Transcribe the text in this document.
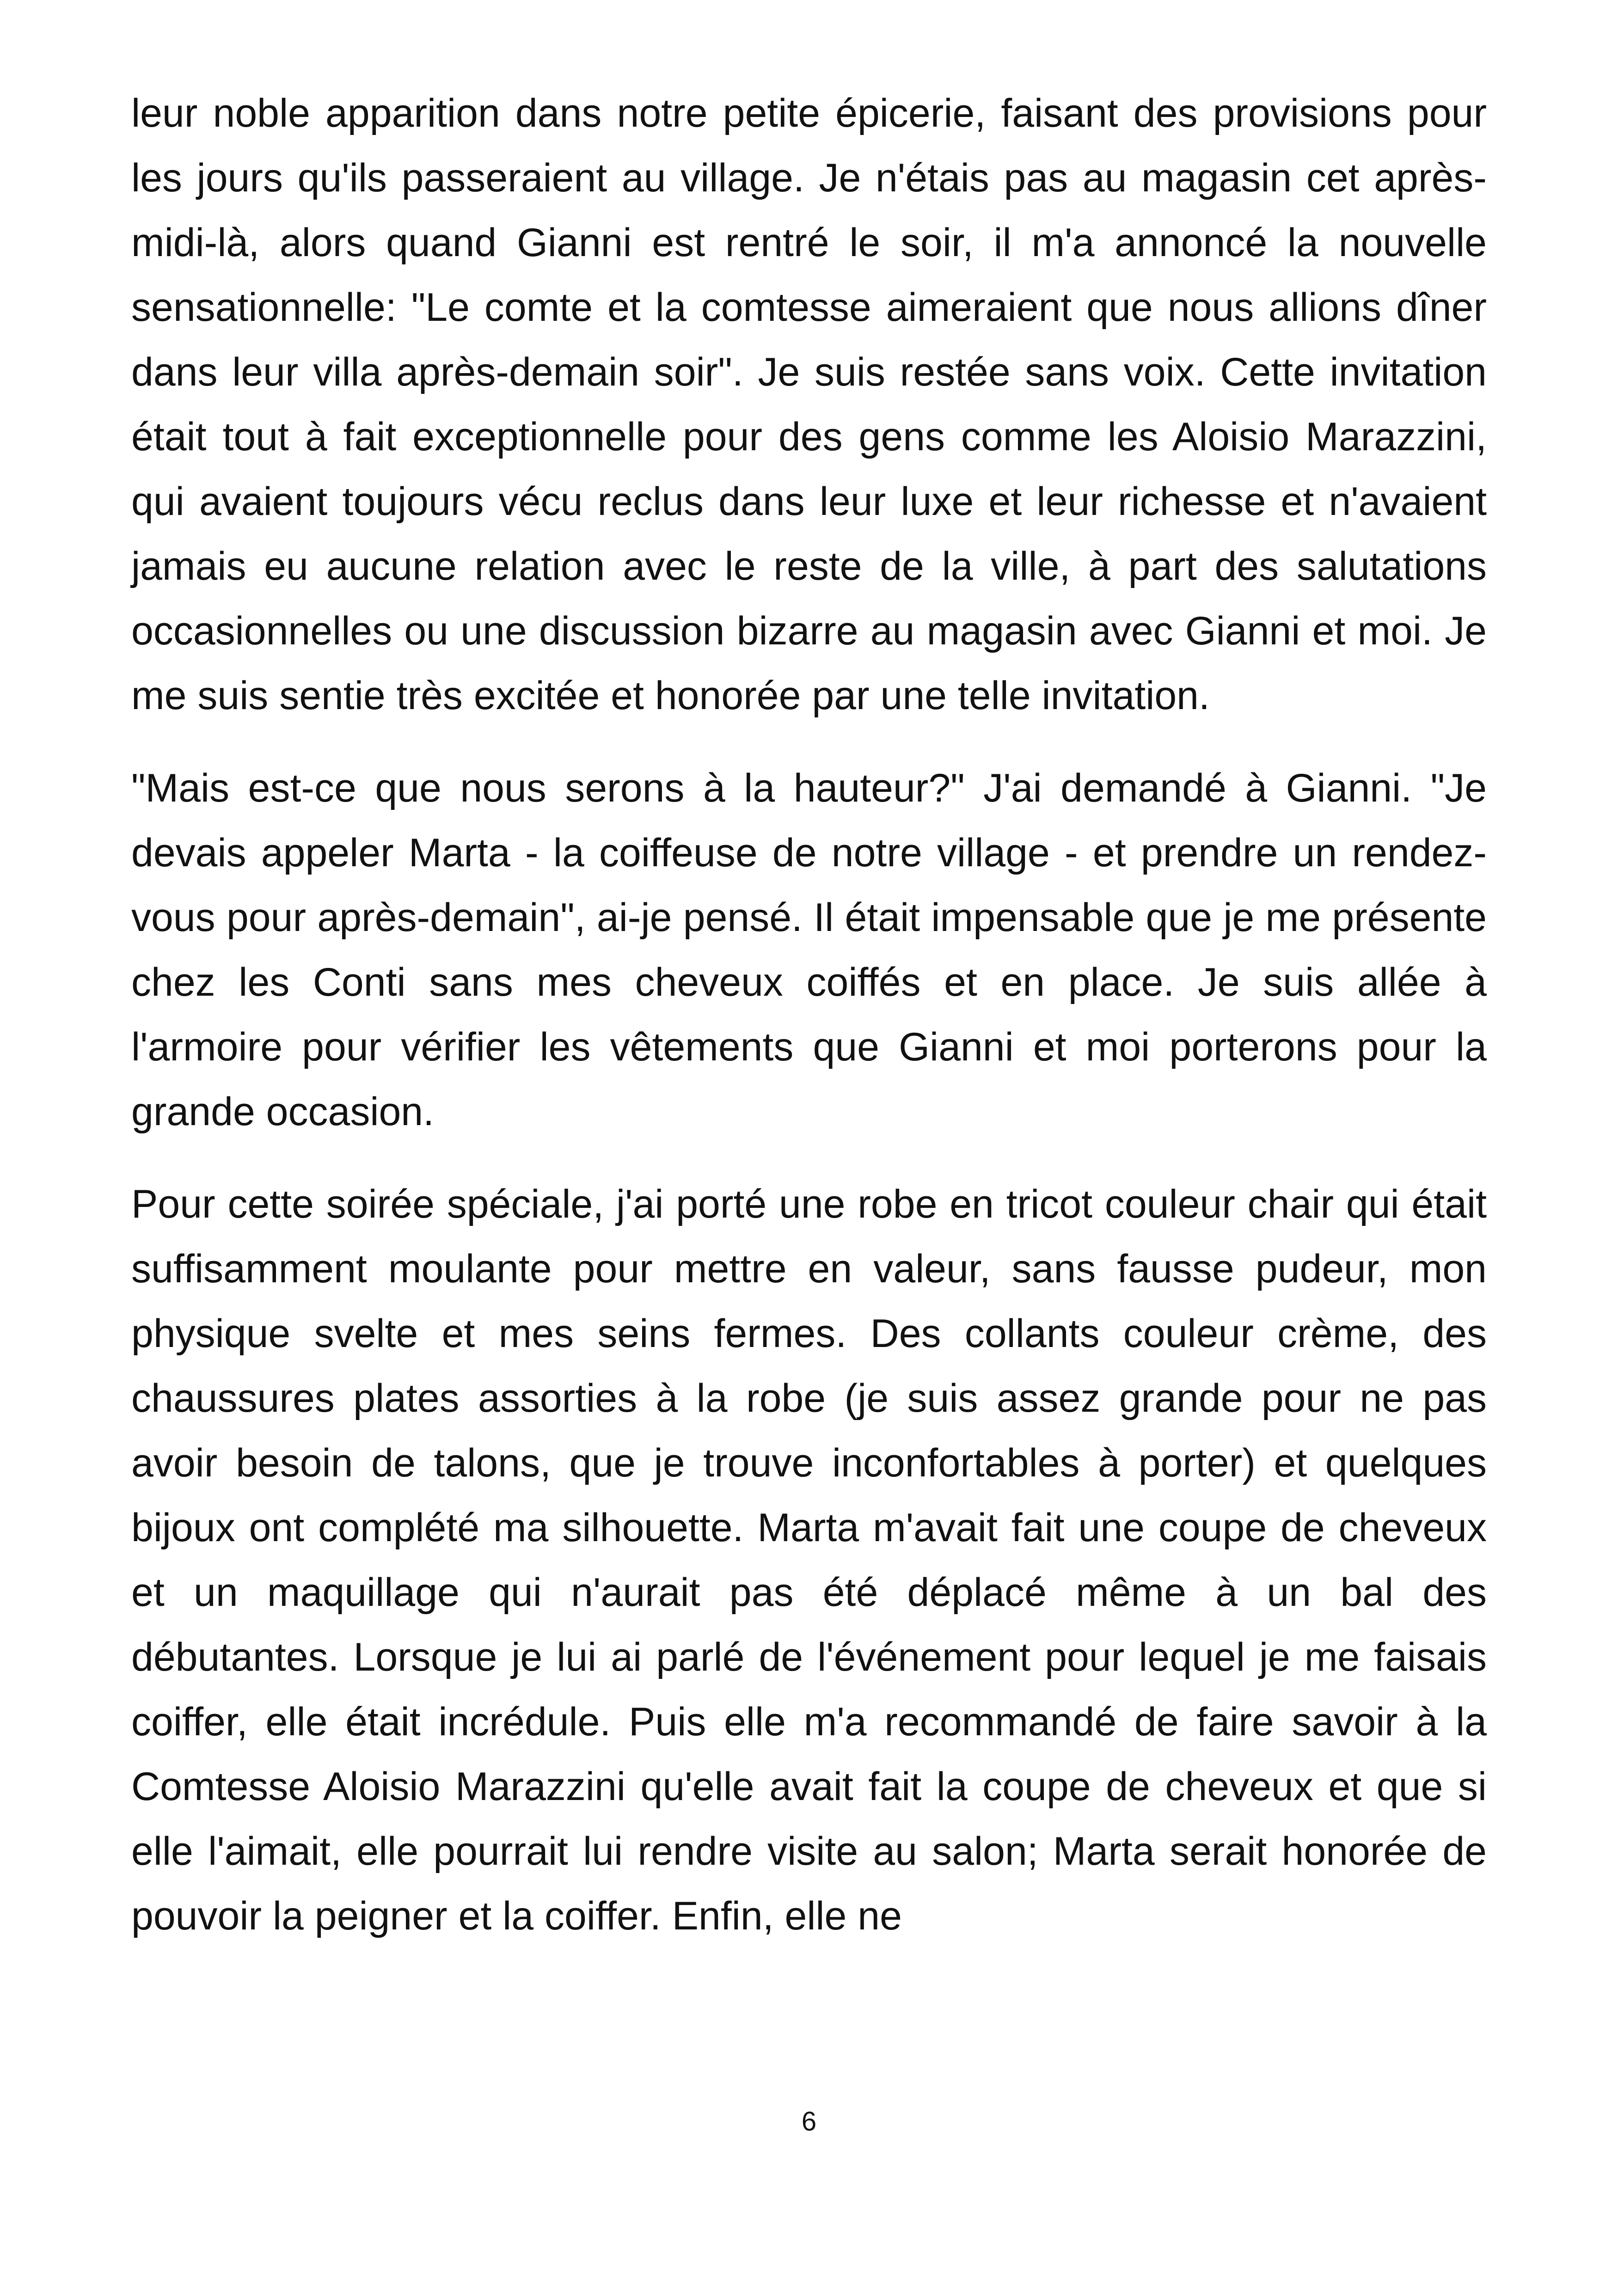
leur noble apparition dans notre petite épicerie, faisant des provisions pour les jours qu'ils passeraient au village. Je n'étais pas au magasin cet après-midi-là, alors quand Gianni est rentré le soir, il m'a annoncé la nouvelle sensationnelle: "Le comte et la comtesse aimeraient que nous allions dîner dans leur villa après-demain soir". Je suis restée sans voix. Cette invitation était tout à fait exceptionnelle pour des gens comme les Aloisio Marazzini, qui avaient toujours vécu reclus dans leur luxe et leur richesse et n'avaient jamais eu aucune relation avec le reste de la ville, à part des salutations occasionnelles ou une discussion bizarre au magasin avec Gianni et moi. Je me suis sentie très excitée et honorée par une telle invitation.

"Mais est-ce que nous serons à la hauteur?" J'ai demandé à Gianni. "Je devais appeler Marta - la coiffeuse de notre village - et prendre un rendez-vous pour après-demain", ai-je pensé. Il était impensable que je me présente chez les Conti sans mes cheveux coiffés et en place. Je suis allée à l'armoire pour vérifier les vêtements que Gianni et moi porterons pour la grande occasion.

Pour cette soirée spéciale, j'ai porté une robe en tricot couleur chair qui était suffisamment moulante pour mettre en valeur, sans fausse pudeur, mon physique svelte et mes seins fermes. Des collants couleur crème, des chaussures plates assorties à la robe (je suis assez grande pour ne pas avoir besoin de talons, que je trouve inconfortables à porter) et quelques bijoux ont complété ma silhouette. Marta m'avait fait une coupe de cheveux et un maquillage qui n'aurait pas été déplacé même à un bal des débutantes. Lorsque je lui ai parlé de l'événement pour lequel je me faisais coiffer, elle était incrédule. Puis elle m'a recommandé de faire savoir à la Comtesse Aloisio Marazzini qu'elle avait fait la coupe de cheveux et que si elle l'aimait, elle pourrait lui rendre visite au salon; Marta serait honorée de pouvoir la peigner et la coiffer. Enfin, elle ne

6
